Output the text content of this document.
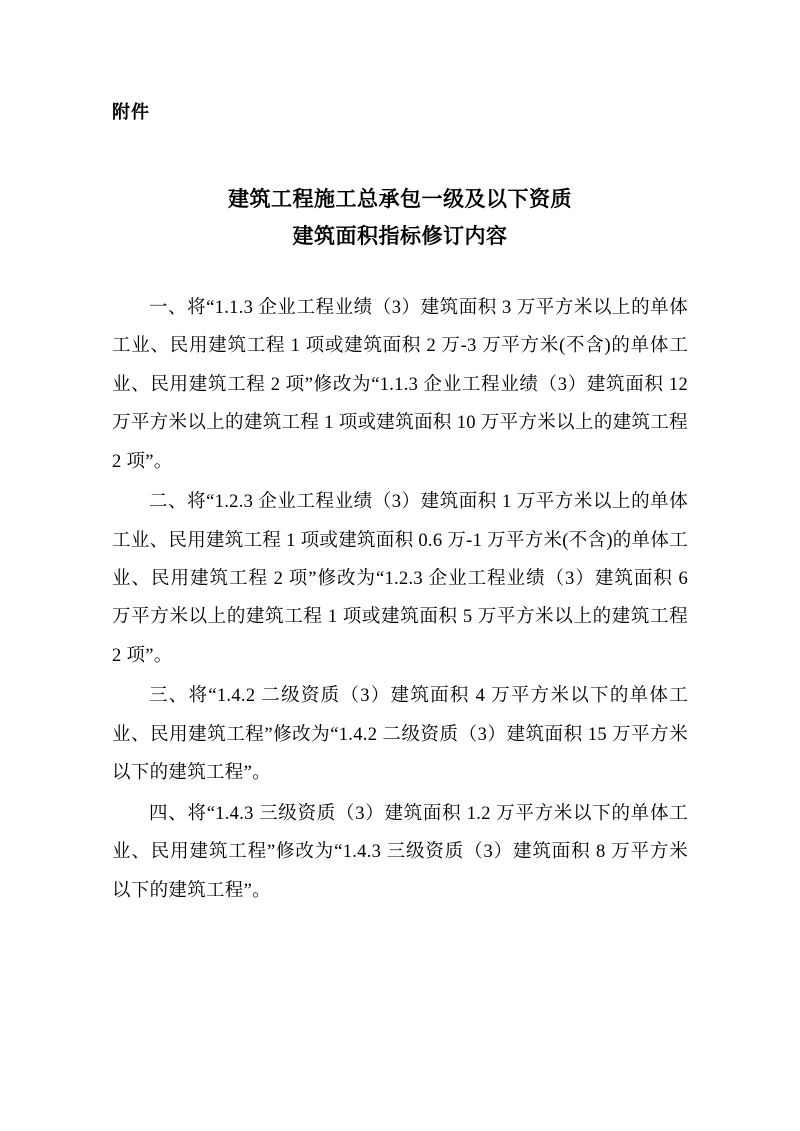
附件
建筑工程施工总承包一级及以下资质
建筑面积指标修订内容

一、将“1.1.3 企业工程业绩（3）建筑面积 3 万平方米以上的单体工业、民用建筑工程 1 项或建筑面积 2 万-3 万平方米(不含)的单体工业、民用建筑工程 2 项”修改为“1.1.3 企业工程业绩（3）建筑面积 12 万平方米以上的建筑工程 1 项或建筑面积 10 万平方米以上的建筑工程 2 项”。

二、将“1.2.3 企业工程业绩（3）建筑面积 1 万平方米以上的单体工业、民用建筑工程 1 项或建筑面积 0.6 万-1 万平方米(不含)的单体工业、民用建筑工程 2 项”修改为“1.2.3 企业工程业绩（3）建筑面积 6 万平方米以上的建筑工程 1 项或建筑面积 5 万平方米以上的建筑工程 2 项”。

三、将“1.4.2 二级资质（3）建筑面积 4 万平方米以下的单体工业、民用建筑工程”修改为“1.4.2 二级资质（3）建筑面积 15 万平方米以下的建筑工程”。

四、将“1.4.3 三级资质（3）建筑面积 1.2 万平方米以下的单体工业、民用建筑工程”修改为“1.4.3 三级资质（3）建筑面积 8 万平方米以下的建筑工程”。
